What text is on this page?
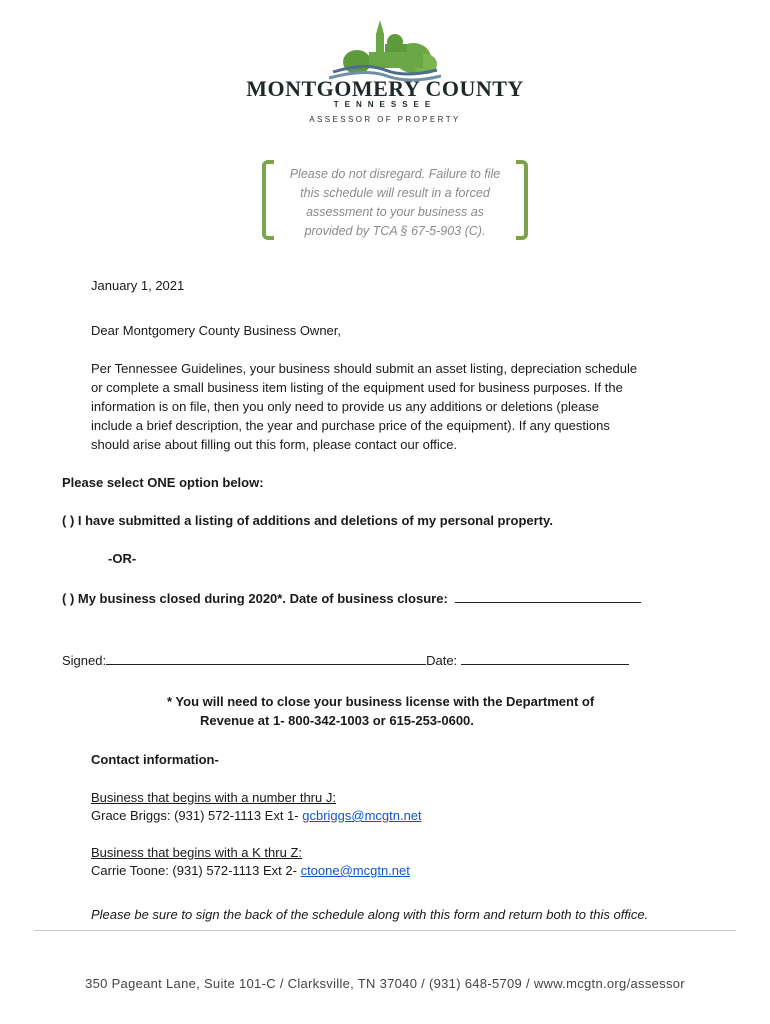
MONTGOMERY COUNTY
TENNESSEE
ASSESSOR OF PROPERTY
Please do not disregard. Failure to file
this schedule will result in a forced
assessment to your business as
provided by TCA § 67-5-903 (C).
January 1, 2021
Dear Montgomery County Business Owner,
Per Tennessee Guidelines, your business should submit an asset listing, depreciation schedule
or complete a small business item listing of the equipment used for business purposes. If the
information is on file, then you only need to provide us any additions or deletions (please
include a brief description, the year and purchase price of the equipment). If any questions
should arise about filling out this form, please contact our office.
Please select ONE option below:
( ) I have submitted a listing of additions and deletions of my personal property.
-OR-
( ) My business closed during 2020*. Date of business closure:
Signed:	Date:
* You will need to close your business license with the Department of
Revenue at 1- 800-342-1003 or 615-253-0600.
Contact information-
Business that begins with a number thru J:
Grace Briggs: (931) 572-1113 Ext 1- gcbriggs@mcgtn.net
Business that begins with a K thru Z:
Carrie Toone: (931) 572-1113 Ext 2- ctoone@mcgtn.net
Please be sure to sign the back of the schedule along with this form and return both to this office.
350 Pageant Lane, Suite 101-C / Clarksville, TN 37040 / (931) 648-5709 / www.mcgtn.org/assessor
